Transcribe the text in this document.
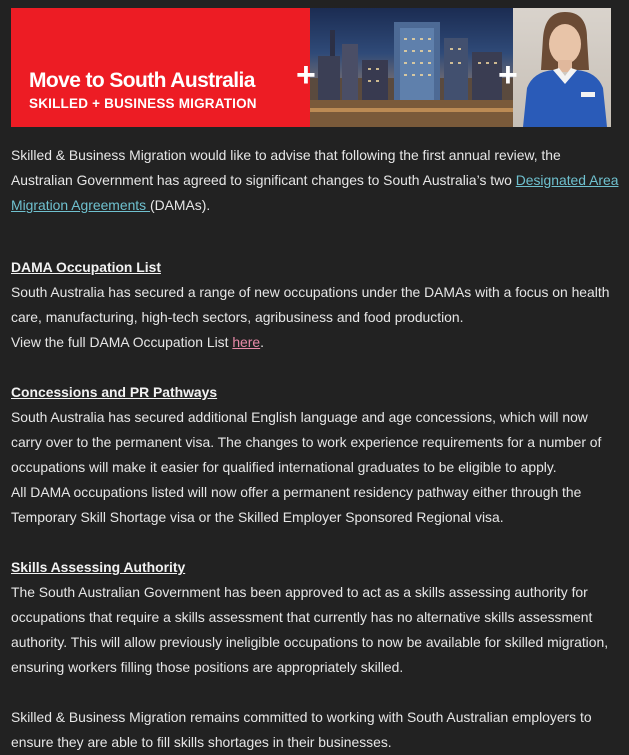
Move to South Australia

SKILLED + BUSINESS MIGRATION

+	+

Skilled & Business Migration would like to advise that following the first annual review, the Australian Government has agreed to significant changes to South Australia’s two Designated Area Migration Agreements (DAMAs).

DAMA Occupation List

South Australia has secured a range of new occupations under the DAMAs with a focus on health care, manufacturing, high-tech sectors, agribusiness and food production.

View the full DAMA Occupation List here.

Concessions and PR Pathways

South Australia has secured additional English language and age concessions, which will now carry over to the permanent visa. The changes to work experience requirements for a number of occupations will make it easier for qualified international graduates to be eligible to apply.

All DAMA occupations listed will now offer a permanent residency pathway either through the Temporary Skill Shortage visa or the Skilled Employer Sponsored Regional visa.

Skills Assessing Authority

The South Australian Government has been approved to act as a skills assessing authority for occupations that require a skills assessment that currently has no alternative skills assessment authority. This will allow previously ineligible occupations to now be available for skilled migration, ensuring workers filling those positions are appropriately skilled.

Skilled & Business Migration remains committed to working with South Australian employers to ensure they are able to fill skills shortages in their businesses.
